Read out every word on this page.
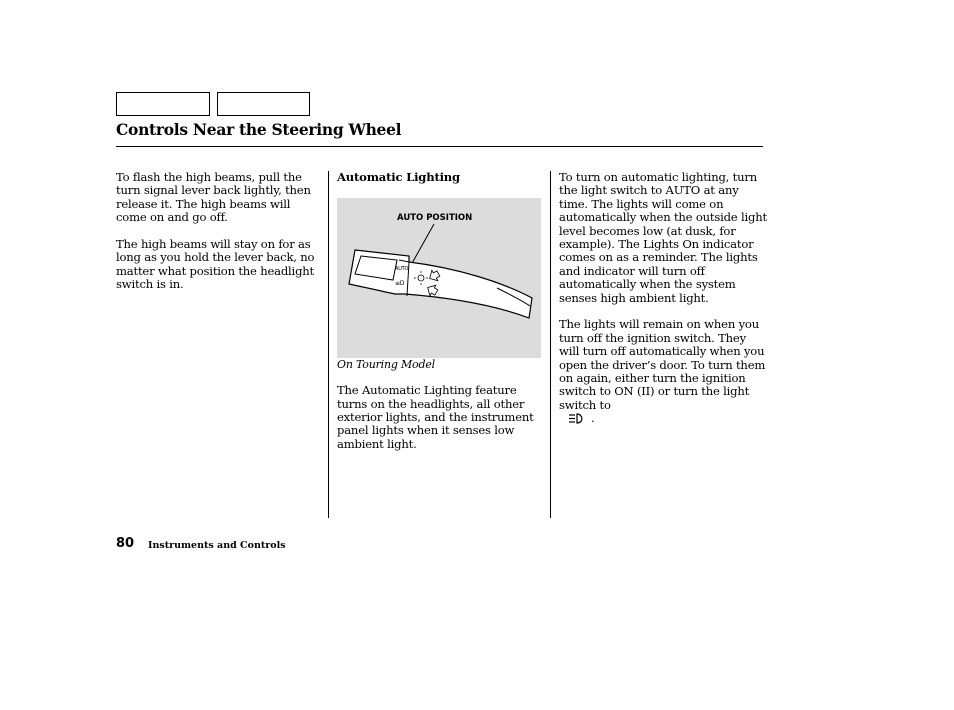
Controls Near the Steering Wheel

To flash the high beams, pull the turn signal lever back lightly, then release it. The high beams will come on and go off.

The high beams will stay on for as long as you hold the lever back, no matter what position the headlight switch is in.

Automatic Lighting

AUTO POSITION
AUTO
≡D

On Touring Model

The Automatic Lighting feature turns on the headlights, all other exterior lights, and the instrument panel lights when it senses low ambient light.

To turn on automatic lighting, turn the light switch to AUTO at any time. The lights will come on automatically when the outside light level becomes low (at dusk, for example). The Lights On indicator comes on as a reminder. The lights and indicator will turn off automatically when the system senses high ambient light.

The lights will remain on when you turn off the ignition switch. They will turn off automatically when you open the driver’s door. To turn them on again, either turn the ignition switch to ON (II) or turn the light switch to
.

80 Instruments and Controls
